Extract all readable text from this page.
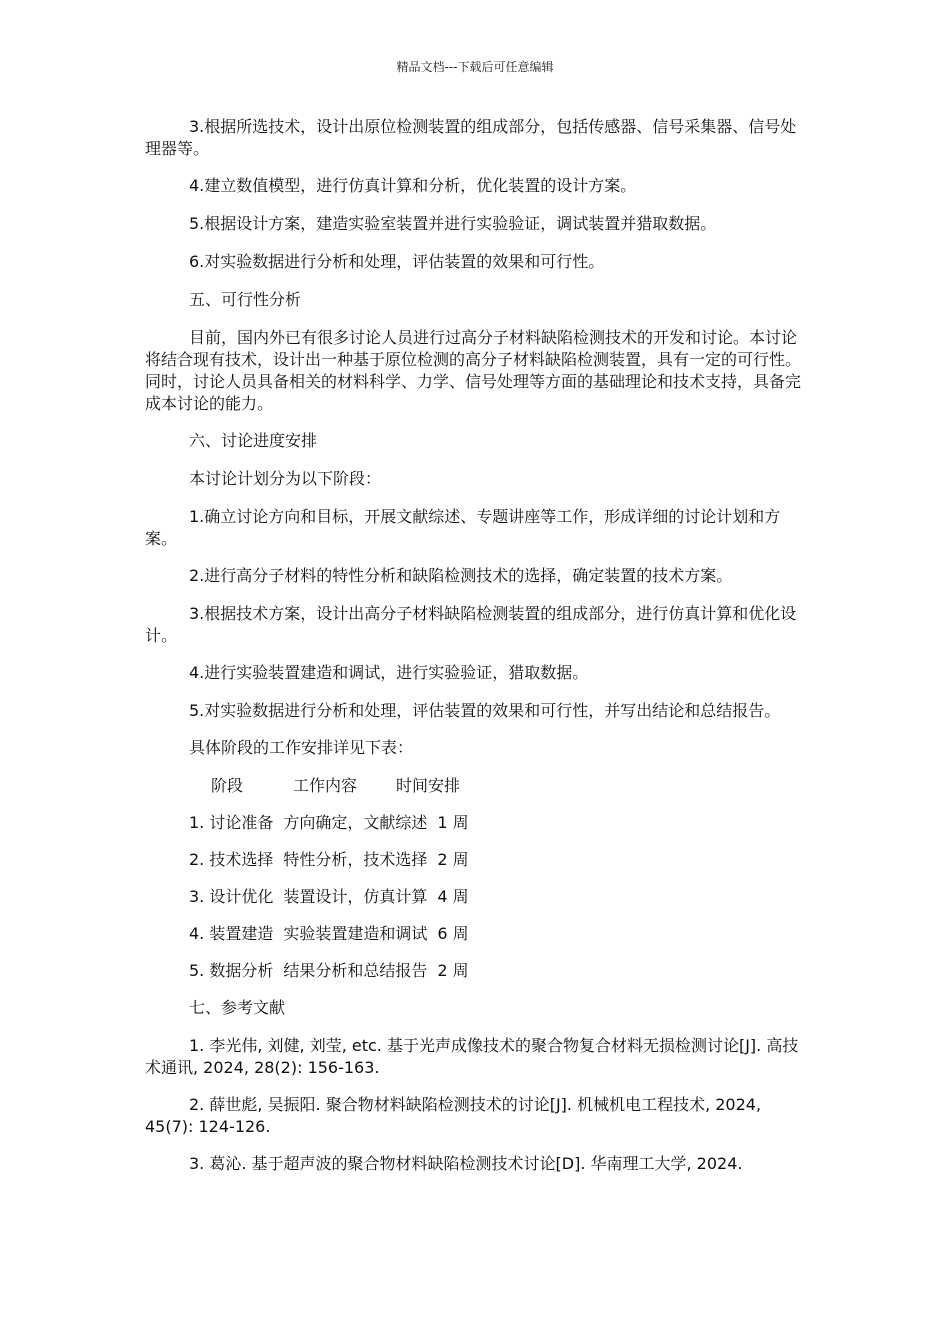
精品文档---下载后可任意编辑

3.根据所选技术，设计出原位检测装置的组成部分，包括传感器、信号采集器、信号处理器等。

4.建立数值模型，进行仿真计算和分析，优化装置的设计方案。

5.根据设计方案，建造实验室装置并进行实验验证，调试装置并猎取数据。

6.对实验数据进行分析和处理，评估装置的效果和可行性。

五、可行性分析

目前，国内外已有很多讨论人员进行过高分子材料缺陷检测技术的开发和讨论。本讨论将结合现有技术，设计出一种基于原位检测的高分子材料缺陷检测装置，具有一定的可行性。同时，讨论人员具备相关的材料科学、力学、信号处理等方面的基础理论和技术支持，具备完成本讨论的能力。

六、讨论进度安排

本讨论计划分为以下阶段：

1.确立讨论方向和目标，开展文献综述、专题讲座等工作，形成详细的讨论计划和方案。

2.进行高分子材料的特性分析和缺陷检测技术的选择，确定装置的技术方案。

3.根据技术方案，设计出高分子材料缺陷检测装置的组成部分，进行仿真计算和优化设计。

4.进行实验装置建造和调试，进行实验验证，猎取数据。

5.对实验数据进行分析和处理，评估装置的效果和可行性，并写出结论和总结报告。

具体阶段的工作安排详见下表：

阶段	工作内容	时间安排
1. 讨论准备 方向确定，文献综述 1 周
2. 技术选择 特性分析，技术选择 2 周
3. 设计优化 装置设计，仿真计算 4 周
4. 装置建造 实验装置建造和调试 6 周
5. 数据分析 结果分析和总结报告 2 周

七、参考文献

1. 李光伟, 刘健, 刘莹, etc. 基于光声成像技术的聚合物复合材料无损检测讨论[J]. 高技术通讯, 2024, 28(2): 156-163.

2. 薛世彪, 吴振阳. 聚合物材料缺陷检测技术的讨论[J]. 机械机电工程技术, 2024, 45(7): 124-126.

3. 葛沁. 基于超声波的聚合物材料缺陷检测技术讨论[D]. 华南理工大学, 2024.
